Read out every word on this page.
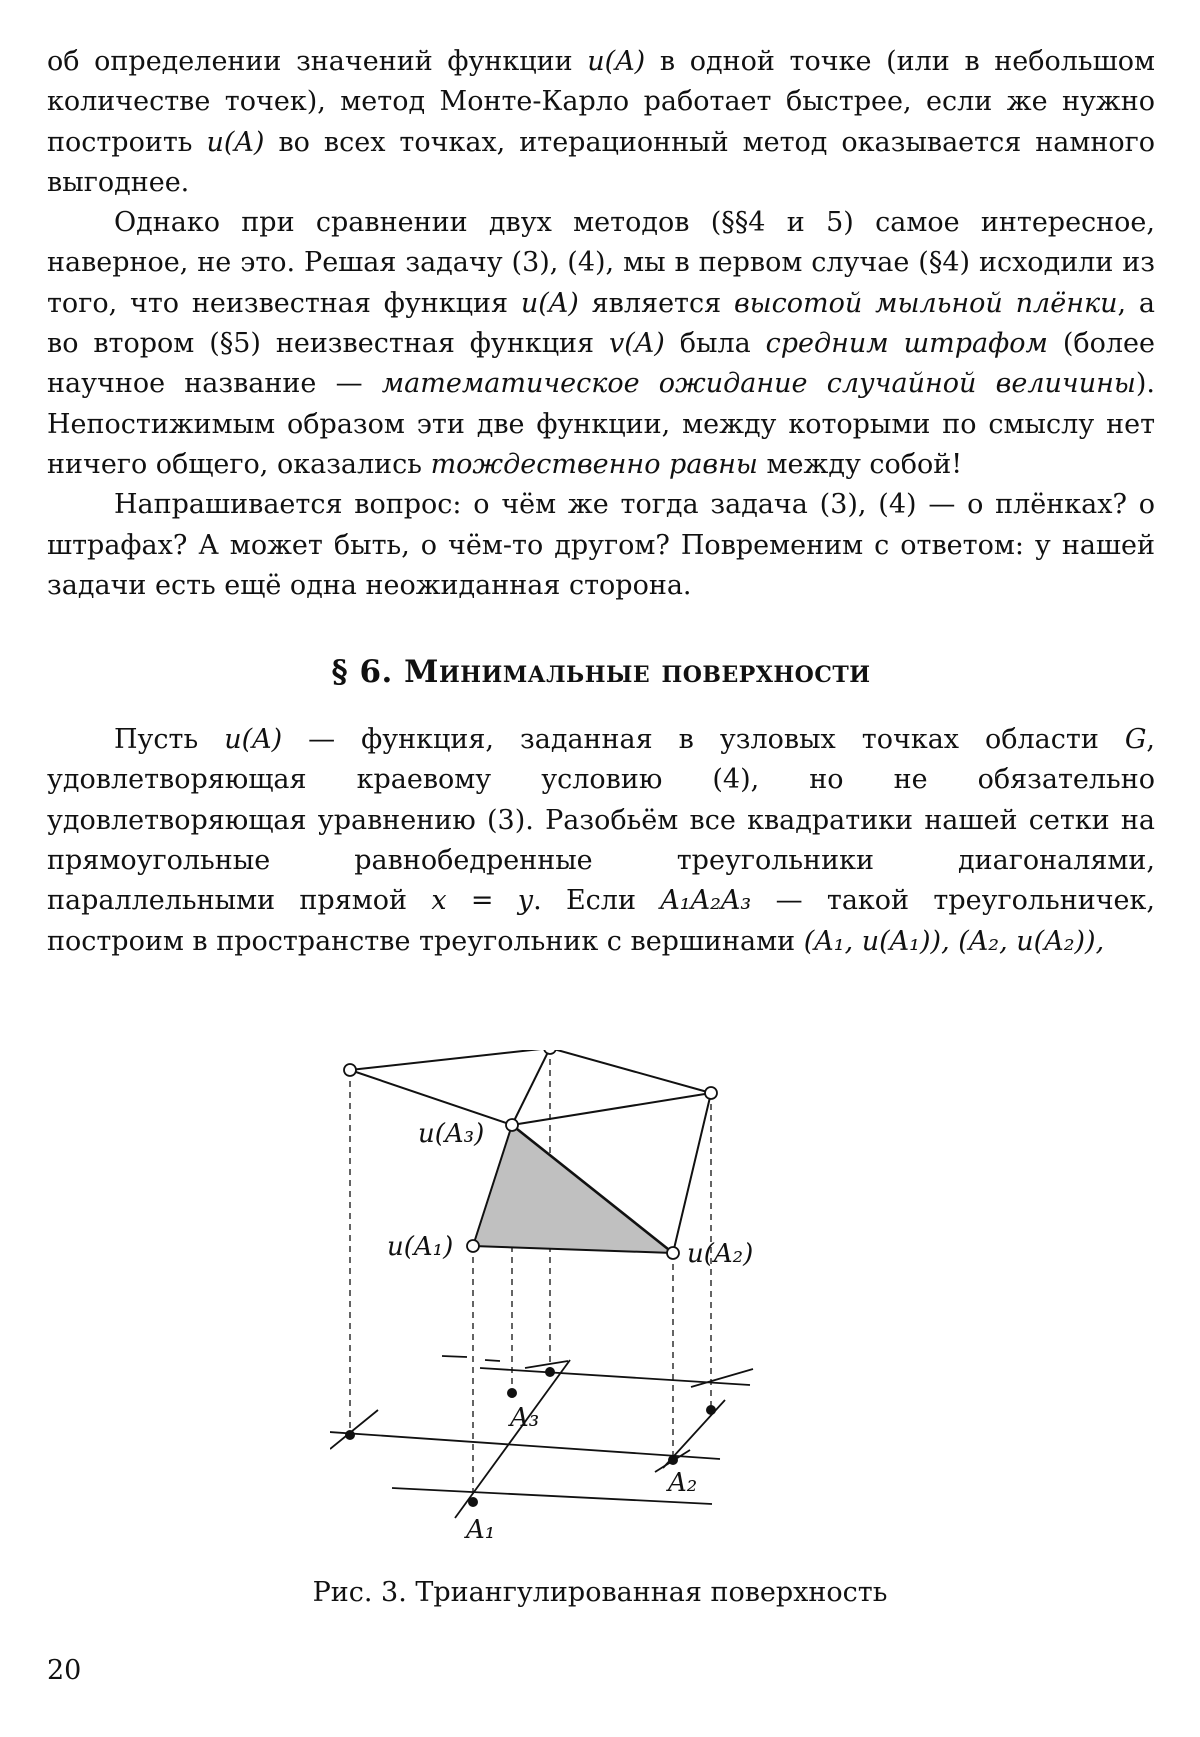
об определении значений функции u(A) в одной точке (или в небольшом количестве точек), метод Монте-Карло работает быстрее, если же нужно построить u(A) во всех точках, итерационный метод оказывается намного выгоднее.

Однако при сравнении двух методов (§§4 и 5) самое интересное, наверное, не это. Решая задачу (3), (4), мы в первом случае (§4) исходили из того, что неизвестная функция u(A) является высотой мыльной плёнки, а во втором (§5) неизвестная функция v(A) была средним штрафом (более научное название — математическое ожидание случайной величины). Непостижимым образом эти две функции, между которыми по смыслу нет ничего общего, оказались тождественно равны между собой!

Напрашивается вопрос: о чём же тогда задача (3), (4) — о плёнках? о штрафах? А может быть, о чём-то другом? Повременим с ответом: у нашей задачи есть ещё одна неожиданная сторона.

§ 6. Минимальные поверхности

Пусть u(A) — функция, заданная в узловых точках области G, удовлетворяющая краевому условию (4), но не обязательно удовлетворяющая уравнению (3). Разобьём все квадратики нашей сетки на прямоугольные равнобедренные треугольники диагоналями, параллельными прямой x = y. Если A₁A₂A₃ — такой треугольничек, построим в пространстве треугольник с вершинами (A₁, u(A₁)), (A₂, u(A₂)),

u(A₃)
u(A₁)	u(A₂)
A₃
A₂
A₁
Рис. 3. Триангулированная поверхность
20
